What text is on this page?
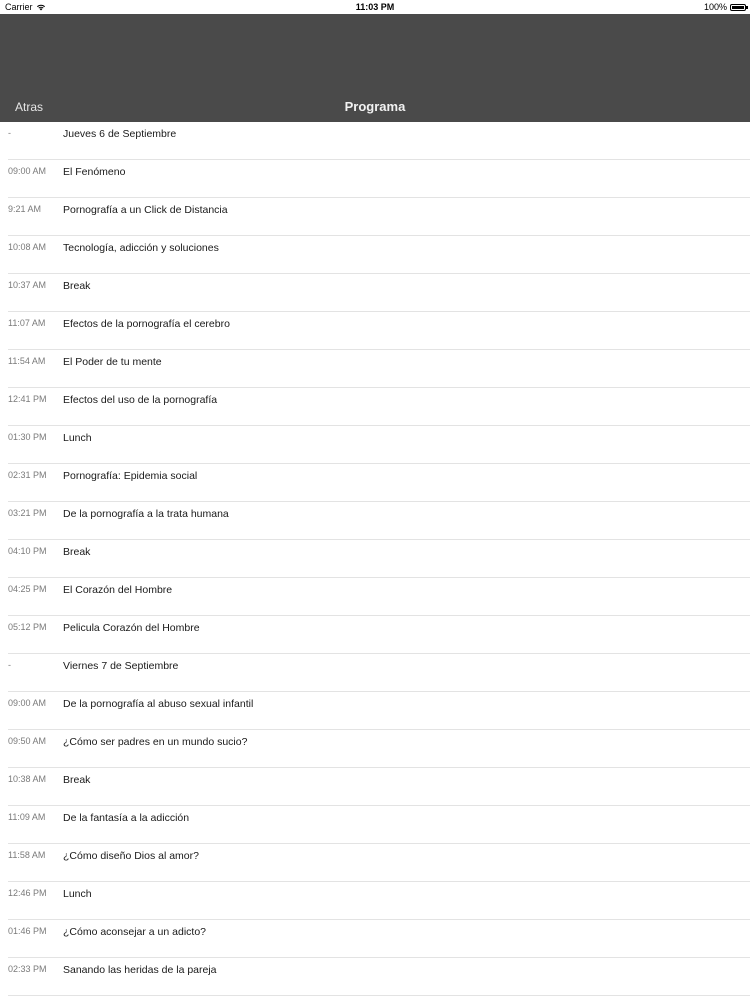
Carrier	11:03 PM	100%
Atras	Programa
-	Jueves 6 de Septiembre
09:00 AM El Fenómeno
9:21 AM Pornografía a un Click de Distancia
10:08 AM Tecnología, adicción y soluciones
10:37 AM Break
11:07 AM Efectos de la pornografía el cerebro
11:54 AM El Poder de tu mente
12:41 PM Efectos del uso de la pornografía
01:30 PM Lunch
02:31 PM Pornografía: Epidemia social
03:21 PM De la pornografía a la trata humana
04:10 PM Break
04:25 PM El Corazón del Hombre
05:12 PM Pelicula Corazón del Hombre
-	Viernes 7 de Septiembre
09:00 AM De la pornografía al abuso sexual infantil
09:50 AM ¿Cómo ser padres en un mundo sucio?
10:38 AM Break
11:09 AM De la fantasía a la adicción
11:58 AM ¿Cómo diseño Dios al amor?
12:46 PM Lunch
01:46 PM ¿Cómo aconsejar a un adicto?
02:33 PM Sanando las heridas de la pareja
